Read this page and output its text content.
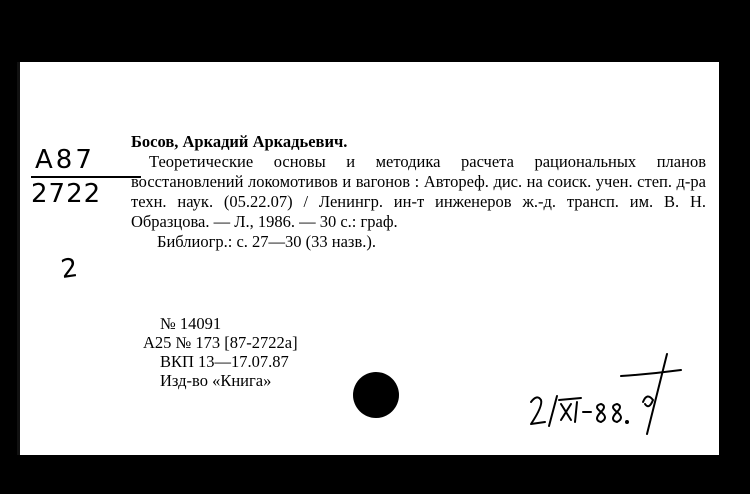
А87
2722
2

Босов, Аркадий Аркадьевич.

Теоретические основы и методика расчета рациональных планов восстановлений локомотивов и вагонов : Автореф. дис. на соиск. учен. степ. д-ра техн. наук. (05.22.07) / Ленингр. ин-т инженеров ж.-д. трансп. им. В. Н. Образцова. — Л., 1986. — 30 с.: граф.

Библиогр.: с. 27—30 (33 назв.).

№ 14091
А25 № 173 [87-2722а]
ВКП 13—17.07.87
Изд-во «Книга»
